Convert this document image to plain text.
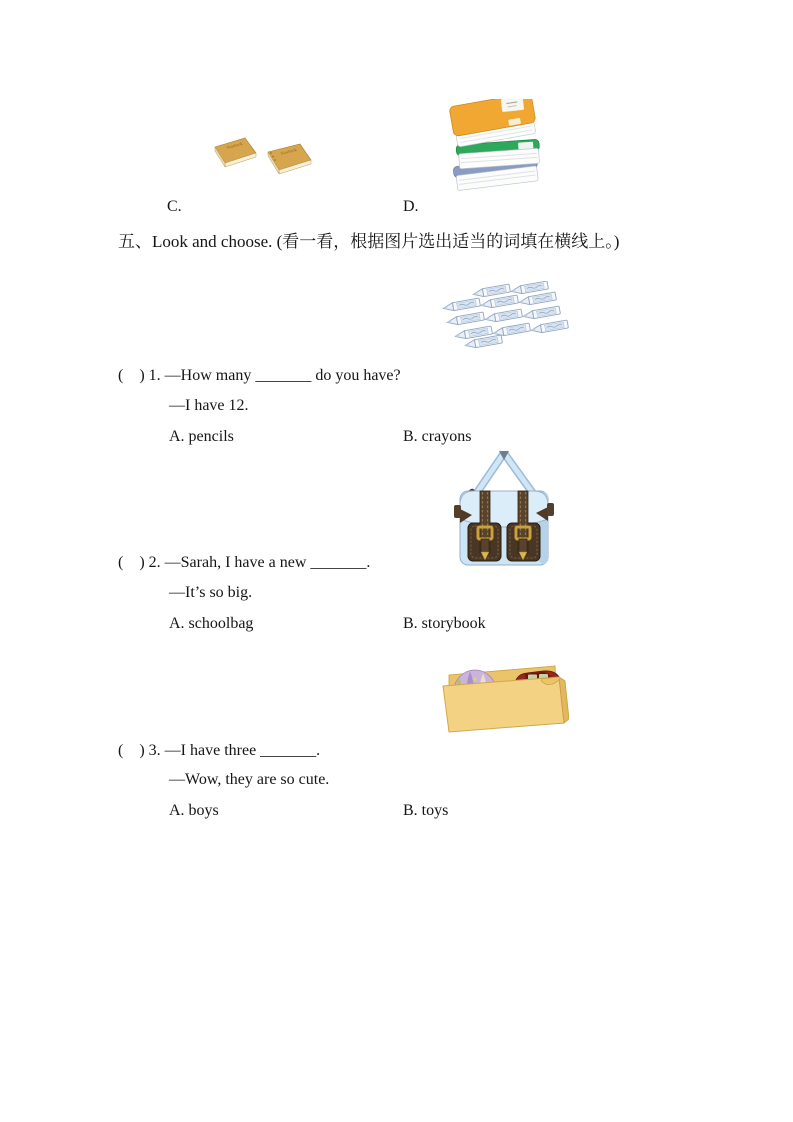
Notebook
Notebook
C.	D.
五、Look and choose. (看一看，根据图片选出适当的词填在横线上。)
(    ) 1. —How many _______ do you have?
—I have 12.
A. pencils	B. crayons
(    ) 2. —Sarah, I have a new _______.
—It’s so big.
A. schoolbag	B. storybook
(    ) 3. —I have three _______.
—Wow, they are so cute.
A. boys	B. toys
